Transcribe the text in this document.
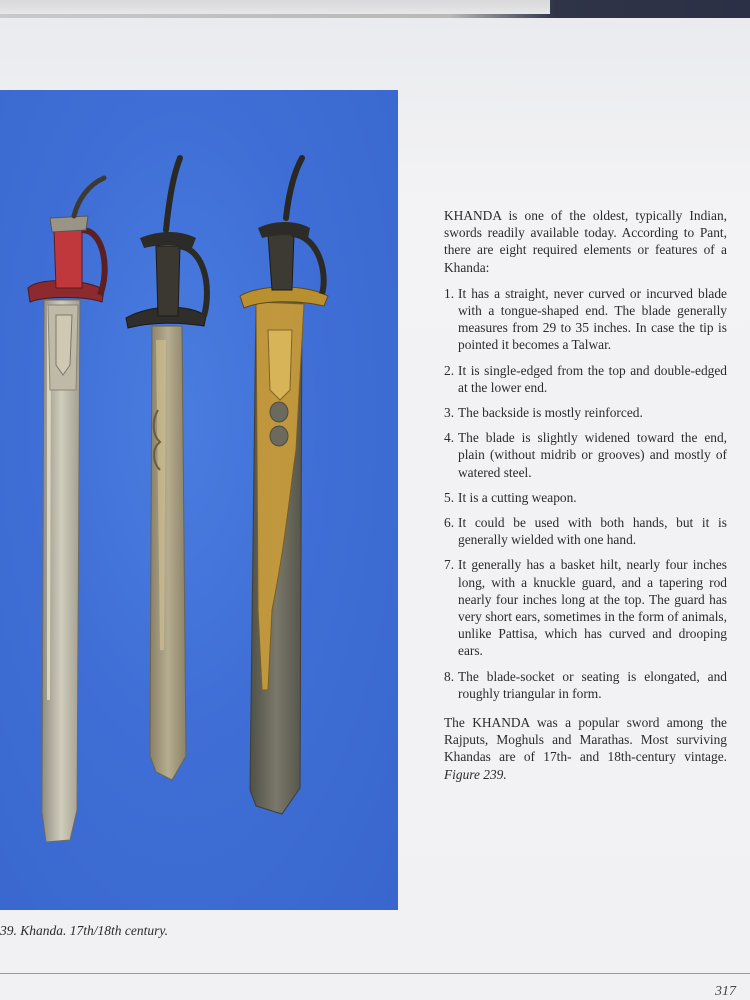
KHANDA is one of the oldest, typically Indian, swords readily available today. According to Pant, there are eight required elements or features of a Khanda:

1. It has a straight, never curved or incurved blade with a tongue-shaped end. The blade generally measures from 29 to 35 inches. In case the tip is pointed it becomes a Talwar.
2. It is single-edged from the top and double-edged at the lower end.
3. The backside is mostly reinforced.
4. The blade is slightly widened toward the end, plain (without midrib or grooves) and mostly of watered steel.
5. It is a cutting weapon.
6. It could be used with both hands, but it is generally wielded with one hand.
7. It generally has a basket hilt, nearly four inches long, with a knuckle guard, and a tapering rod nearly four inches long at the top. The guard has very short ears, sometimes in the form of animals, unlike Pattisa, which has curved and drooping ears.
8. The blade-socket or seating is elongated, and roughly triangular in form.

The KHANDA was a popular sword among the Rajputs, Moghuls and Marathas. Most surviving Khandas are of 17th- and 18th-century vintage. Figure 239.

39. Khanda. 17th/18th century.
317
